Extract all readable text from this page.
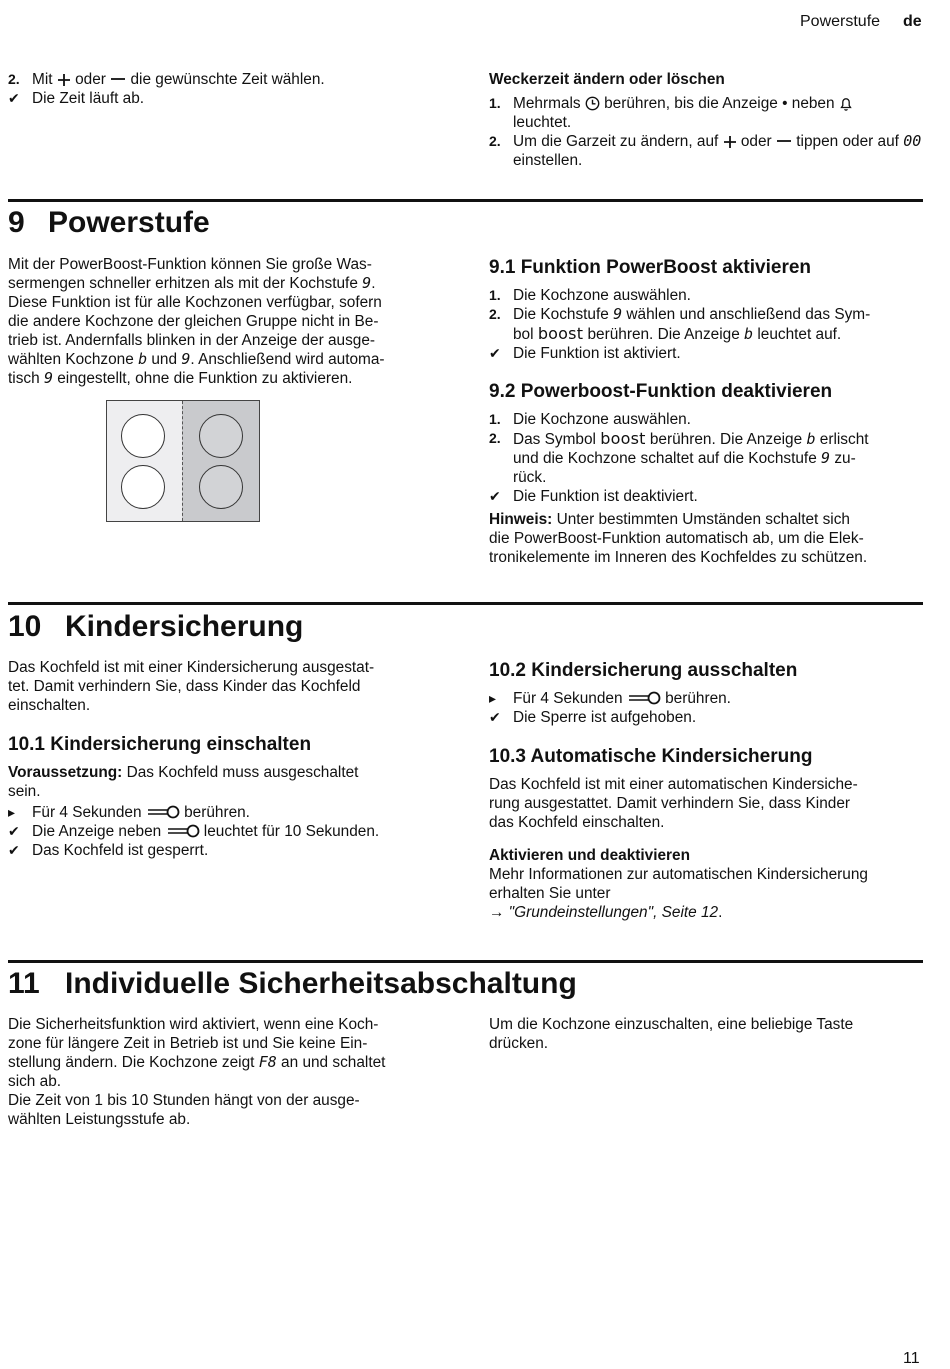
Powerstufe de
2. Mit oder die gewünschte Zeit wählen.
✔ Die Zeit läuft ab.

Weckerzeit ändern oder löschen

1. Mehrmals berühren, bis die Anzeige • neben
leuchtet.
2. Um die Garzeit zu ändern, auf oder tippen oder auf 00 einstellen.

9 Powerstufe

Mit der PowerBoost-Funktion können Sie große Was-

sermengen schneller erhitzen als mit der Kochstufe 9.

Diese Funktion ist für alle Kochzonen verfügbar, sofern

die andere Kochzone der gleichen Gruppe nicht in Be-

trieb ist. Andernfalls blinken in der Anzeige der ausge-

wählten Kochzone b und 9. Anschließend wird automa-

tisch 9 eingestellt, ohne die Funktion zu aktivieren.

9.1 Funktion PowerBoost aktivieren

1. Die Kochzone auswählen.
2. Die Kochstufe 9 wählen und anschließend das Sym-
bol boost berühren. Die Anzeige b leuchtet auf.
✔ Die Funktion ist aktiviert.

9.2 Powerboost-Funktion deaktivieren

1. Die Kochzone auswählen.
2. Das Symbol boost berühren. Die Anzeige b erlischt
und die Kochzone schaltet auf die Kochstufe 9 zu-
rück.
✔ Die Funktion ist deaktiviert.

Hinweis: Unter bestimmten Umständen schaltet sich

die PowerBoost-Funktion automatisch ab, um die Elek-

tronikelemente im Inneren des Kochfeldes zu schützen.

10 Kindersicherung

Das Kochfeld ist mit einer Kindersicherung ausgestat-

tet. Damit verhindern Sie, dass Kinder das Kochfeld

einschalten.

10.1 Kindersicherung einschalten

Voraussetzung: Das Kochfeld muss ausgeschaltet

sein.

▸ Für 4 Sekunden	berühren.
✔ Die Anzeige neben	leuchtet für 10 Sekunden.
✔ Das Kochfeld ist gesperrt.

10.2 Kindersicherung ausschalten

▸ Für 4 Sekunden	berühren.
✔ Die Sperre ist aufgehoben.

10.3 Automatische Kindersicherung

Das Kochfeld ist mit einer automatischen Kindersiche-

rung ausgestattet. Damit verhindern Sie, dass Kinder

das Kochfeld einschalten.

Aktivieren und deaktivieren

Mehr Informationen zur automatischen Kindersicherung

erhalten Sie unter

→ "Grundeinstellungen", Seite 12.

11 Individuelle Sicherheitsabschaltung

Die Sicherheitsfunktion wird aktiviert, wenn eine Koch-

zone für längere Zeit in Betrieb ist und Sie keine Ein-

stellung ändern. Die Kochzone zeigt F8 an und schaltet

sich ab.

Die Zeit von 1 bis 10 Stunden hängt von der ausge-

wählten Leistungsstufe ab.

Um die Kochzone einzuschalten, eine beliebige Taste

drücken.

11
